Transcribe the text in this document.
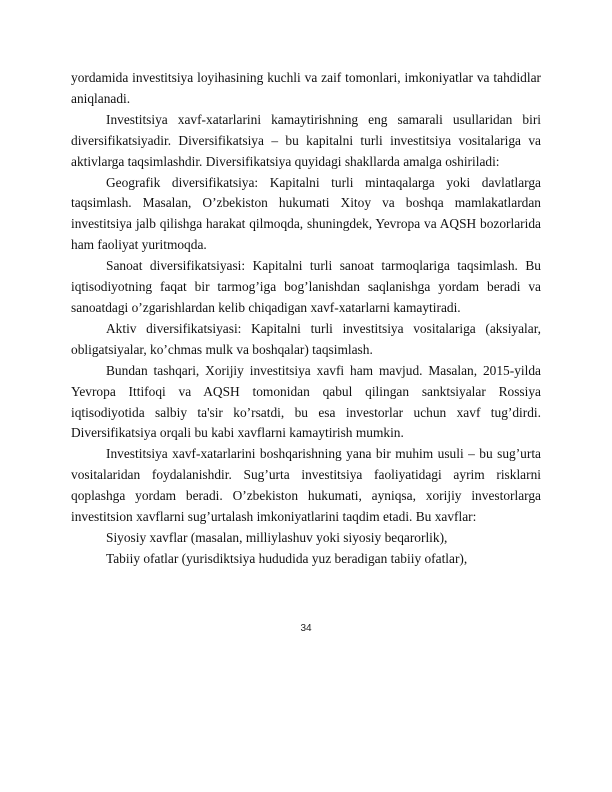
yordamida investitsiya loyihasining kuchli va zaif tomonlari, imkoniyatlar va tahdidlar aniqlanadi.

Investitsiya xavf-xatarlarini kamaytirishning eng samarali usullaridan biri diversifikatsiyadir. Diversifikatsiya – bu kapitalni turli investitsiya vositalariga va aktivlarga taqsimlashdir. Diversifikatsiya quyidagi shakllarda amalga oshiriladi:

Geografik diversifikatsiya: Kapitalni turli mintaqalarga yoki davlatlarga taqsimlash. Masalan, O’zbekiston hukumati Xitoy va boshqa mamlakatlardan investitsiya jalb qilishga harakat qilmoqda, shuningdek, Yevropa va AQSH bozorlarida ham faoliyat yuritmoqda.

Sanoat diversifikatsiyasi: Kapitalni turli sanoat tarmoqlariga taqsimlash. Bu iqtisodiyotning faqat bir tarmog’iga bog’lanishdan saqlanishga yordam beradi va sanoatdagi o’zgarishlardan kelib chiqadigan xavf-xatarlarni kamaytiradi.

Aktiv diversifikatsiyasi: Kapitalni turli investitsiya vositalariga (aksiyalar, obligatsiyalar, ko’chmas mulk va boshqalar) taqsimlash.

Bundan tashqari, Xorijiy investitsiya xavfi ham mavjud. Masalan, 2015-yilda Yevropa Ittifoqi va AQSH tomonidan qabul qilingan sanktsiyalar Rossiya iqtisodiyotida salbiy ta'sir ko’rsatdi, bu esa investorlar uchun xavf tug’dirdi. Diversifikatsiya orqali bu kabi xavflarni kamaytirish mumkin.

Investitsiya xavf-xatarlarini boshqarishning yana bir muhim usuli – bu sug’urta vositalaridan foydalanishdir. Sug’urta investitsiya faoliyatidagi ayrim risklarni qoplashga yordam beradi. O’zbekiston hukumati, ayniqsa, xorijiy investorlarga investitsion xavflarni sug’urtalash imkoniyatlarini taqdim etadi. Bu xavflar:

Siyosiy xavflar (masalan, milliylashuv yoki siyosiy beqarorlik),

Tabiiy ofatlar (yurisdiktsiya hududida yuz beradigan tabiiy ofatlar),

34
